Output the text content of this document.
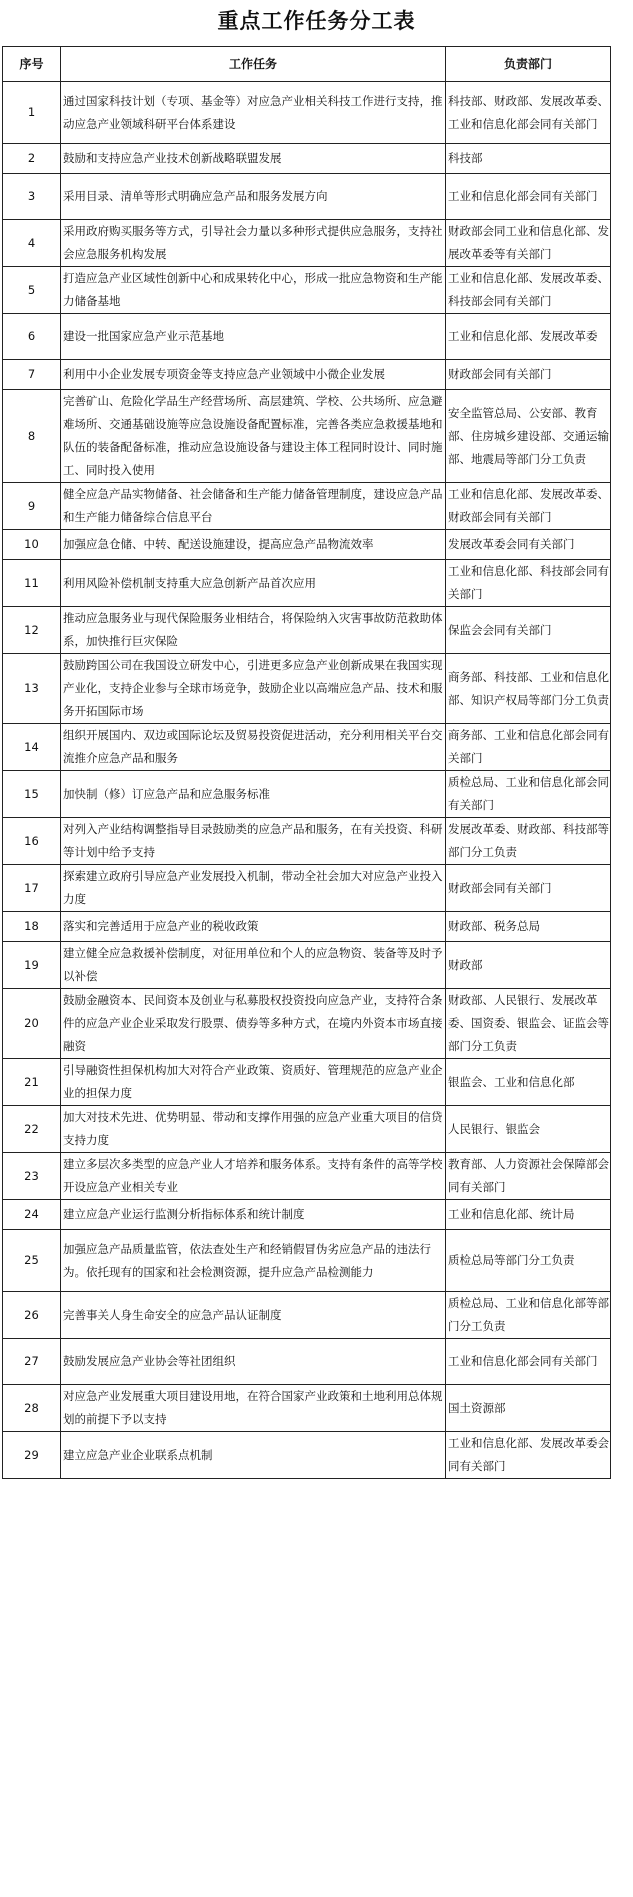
重点工作任务分工表
序号	工作任务	负责部门
1	通过国家科技计划（专项、基金等）对应急产业相关科技工作进行支持，推动应急产业领域科研平台体系建设	科技部、财政部、发展改革委、工业和信息化部会同有关部门
2	鼓励和支持应急产业技术创新战略联盟发展	科技部
3	采用目录、清单等形式明确应急产品和服务发展方向	工业和信息化部会同有关部门
4	采用政府购买服务等方式，引导社会力量以多种形式提供应急服务，支持社会应急服务机构发展	财政部会同工业和信息化部、发展改革委等有关部门
5	打造应急产业区域性创新中心和成果转化中心，形成一批应急物资和生产能力储备基地	工业和信息化部、发展改革委、科技部会同有关部门
6	建设一批国家应急产业示范基地	工业和信息化部、发展改革委
7	利用中小企业发展专项资金等支持应急产业领域中小微企业发展	财政部会同有关部门
8	完善矿山、危险化学品生产经营场所、高层建筑、学校、公共场所、应急避难场所、交通基础设施等应急设施设备配置标准，完善各类应急救援基地和队伍的装备配备标准，推动应急设施设备与建设主体工程同时设计、同时施工、同时投入使用	安全监管总局、公安部、教育部、住房城乡建设部、交通运输部、地震局等部门分工负责
9	健全应急产品实物储备、社会储备和生产能力储备管理制度，建设应急产品和生产能力储备综合信息平台	工业和信息化部、发展改革委、财政部会同有关部门
10	加强应急仓储、中转、配送设施建设，提高应急产品物流效率	发展改革委会同有关部门
11	利用风险补偿机制支持重大应急创新产品首次应用	工业和信息化部、科技部会同有关部门
12	推动应急服务业与现代保险服务业相结合，将保险纳入灾害事故防范救助体系，加快推行巨灾保险	保监会会同有关部门
13	鼓励跨国公司在我国设立研发中心，引进更多应急产业创新成果在我国实现产业化，支持企业参与全球市场竞争，鼓励企业以高端应急产品、技术和服务开拓国际市场	商务部、科技部、工业和信息化部、知识产权局等部门分工负责
14	组织开展国内、双边或国际论坛及贸易投资促进活动，充分利用相关平台交流推介应急产品和服务	商务部、工业和信息化部会同有关部门
15	加快制（修）订应急产品和应急服务标准	质检总局、工业和信息化部会同有关部门
16	对列入产业结构调整指导目录鼓励类的应急产品和服务，在有关投资、科研等计划中给予支持	发展改革委、财政部、科技部等部门分工负责
17	探索建立政府引导应急产业发展投入机制，带动全社会加大对应急产业投入力度	财政部会同有关部门
18	落实和完善适用于应急产业的税收政策	财政部、税务总局
19	建立健全应急救援补偿制度，对征用单位和个人的应急物资、装备等及时予以补偿	财政部
20	鼓励金融资本、民间资本及创业与私募股权投资投向应急产业，支持符合条件的应急产业企业采取发行股票、债券等多种方式，在境内外资本市场直接融资	财政部、人民银行、发展改革委、国资委、银监会、证监会等部门分工负责
21	引导融资性担保机构加大对符合产业政策、资质好、管理规范的应急产业企业的担保力度	银监会、工业和信息化部
22	加大对技术先进、优势明显、带动和支撑作用强的应急产业重大项目的信贷支持力度	人民银行、银监会
23	建立多层次多类型的应急产业人才培养和服务体系。支持有条件的高等学校开设应急产业相关专业	教育部、人力资源社会保障部会同有关部门
24	建立应急产业运行监测分析指标体系和统计制度	工业和信息化部、统计局
25	加强应急产品质量监管，依法查处生产和经销假冒伪劣应急产品的违法行为。依托现有的国家和社会检测资源，提升应急产品检测能力	质检总局等部门分工负责
26	完善事关人身生命安全的应急产品认证制度	质检总局、工业和信息化部等部门分工负责
27	鼓励发展应急产业协会等社团组织	工业和信息化部会同有关部门
28	对应急产业发展重大项目建设用地，在符合国家产业政策和土地利用总体规划的前提下予以支持	国土资源部
29	建立应急产业企业联系点机制	工业和信息化部、发展改革委会同有关部门
